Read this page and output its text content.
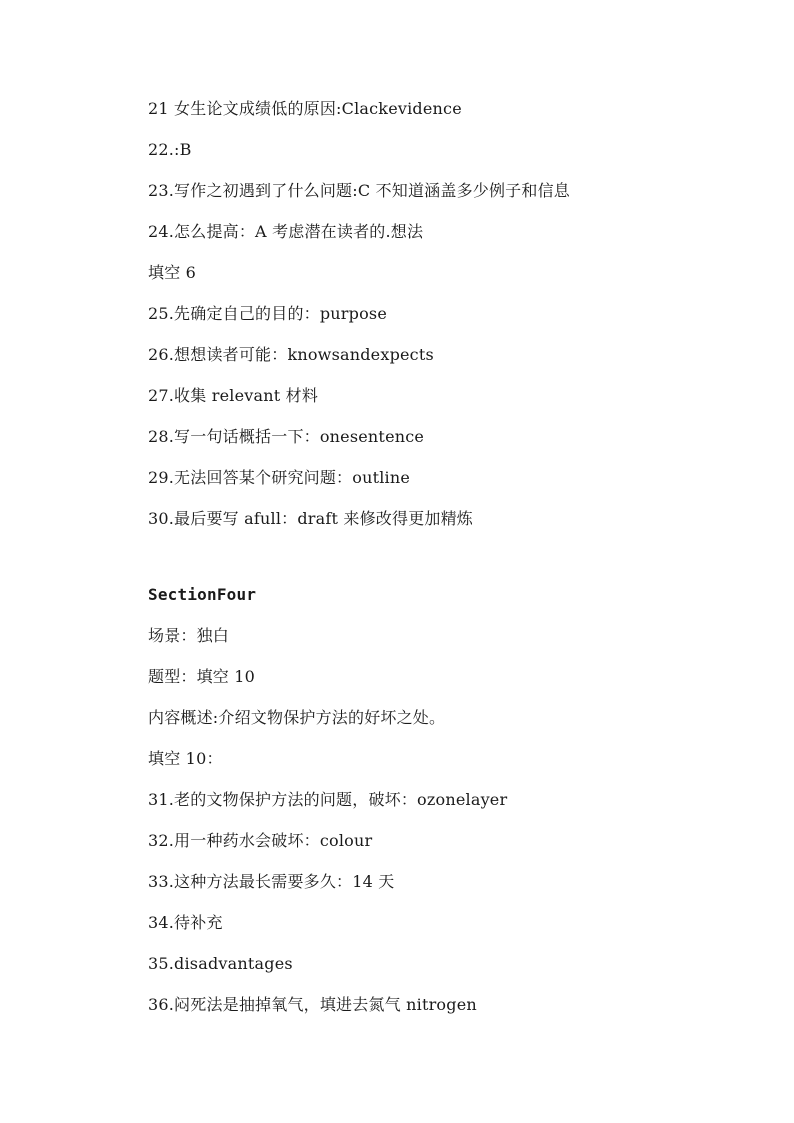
21 女生论文成绩低的原因:Clackevidence
22.:B
23.写作之初遇到了什么问题:C 不知道涵盖多少例子和信息
24.怎么提高：A 考虑潜在读者的.想法
填空 6
25.先确定自己的目的：purpose
26.想想读者可能：knowsandexpects
27.收集 relevant 材料
28.写一句话概括一下：onesentence
29.无法回答某个研究问题：outline
30.最后要写 afull：draft 来修改得更加精炼
SectionFour
场景：独白
题型：填空 10
内容概述:介绍文物保护方法的好坏之处。
填空 10：
31.老的文物保护方法的问题，破坏：ozonelayer
32.用一种药水会破坏：colour
33.这种方法最长需要多久：14 天
34.待补充
35.disadvantages
36.闷死法是抽掉氧气，填进去氮气 nitrogen
